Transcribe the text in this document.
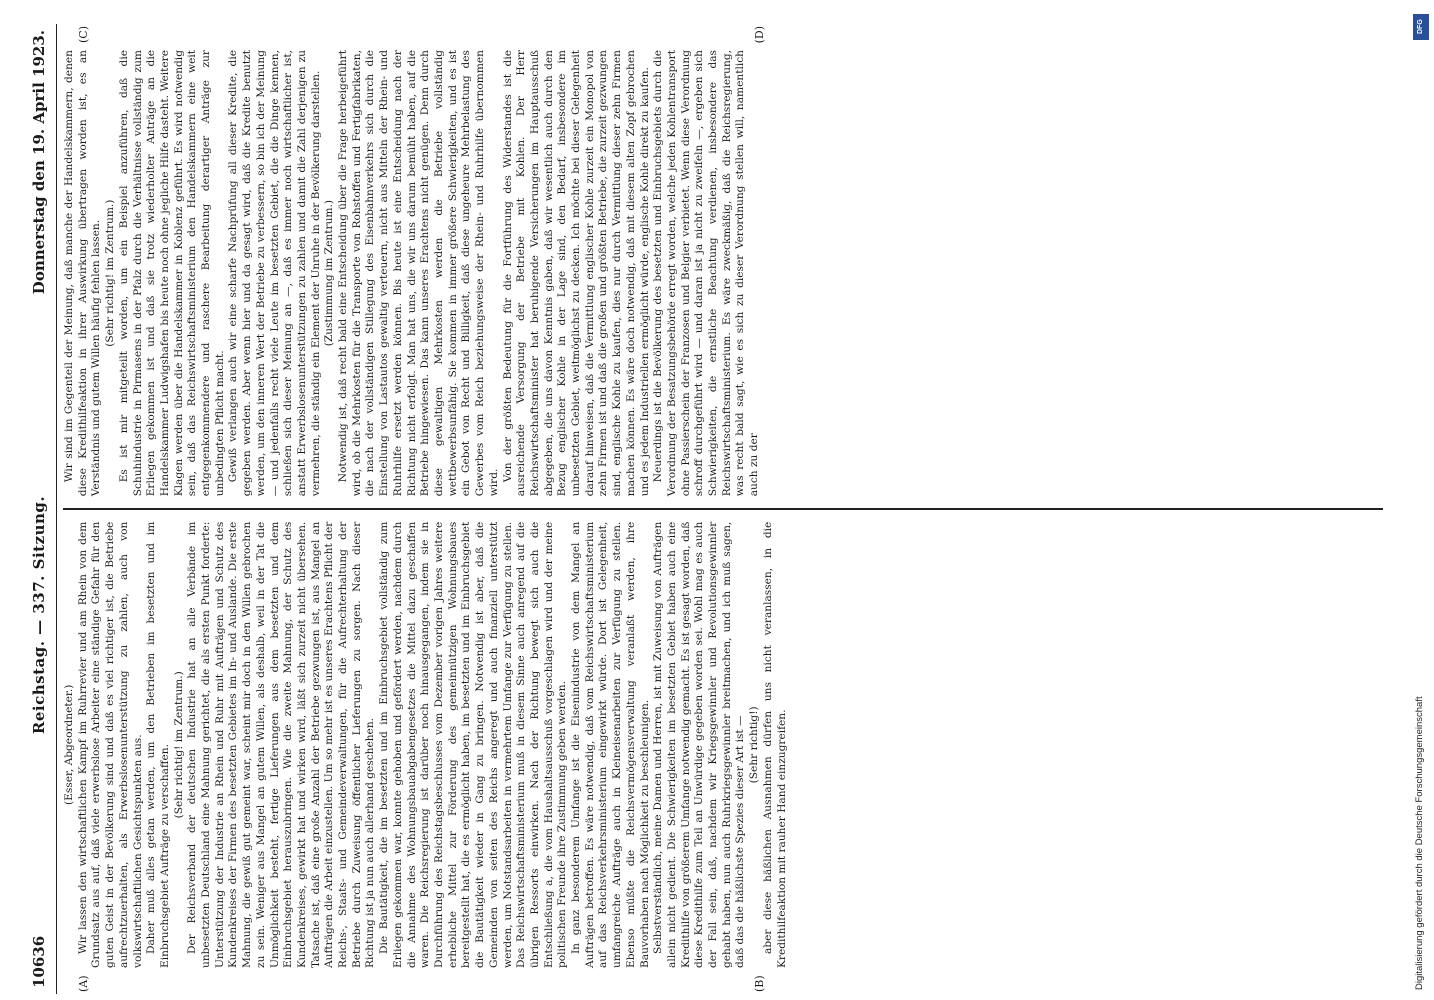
10636
Reichstag. — 337. Sitzung.
Donnerstag den 19. April 1923.
(A)	(B)

(Esser, Abgeordneter.) Wir lassen den wirtschaftlichen Kampf im Ruhrrevier und am Rhein von dem Grundsatz aus auf, daß viele erwerbslose Arbeiter eine ständige Gefahr für den guten Geist in der Bevölkerung sind und daß es viel richtiger ist, die Betriebe aufrechtzuerhalten, als Erwerbslosenunterstützung zu zahlen, auch von volkswirtschaftlichen Gesichtspunkten aus. Daher muß alles getan werden, um den Betrieben im besetzten und im Einbruchsgebiet Aufträge zu verschaffen. (Sehr richtig! im Zentrum.) Der Reichsverband der deutschen Industrie hat an alle Verbände im unbesetzten Deutschland eine Mahnung gerichtet, die als ersten Punkt forderte: Unterstützung der Industrie an Rhein und Ruhr mit Aufträgen und Schutz des Kundenkreises der Firmen des besetzten Gebietes im In- und Auslande. Die erste Mahnung, die gewiß gut gemeint war, scheint mir doch in den Willen gebrochen zu sein. Weniger aus Mangel an gutem Willen, als deshalb, weil in der Tat die Unmöglichkeit besteht, fertige Lieferungen aus dem besetzten und dem Einbruchsgebiet herauszubringen. Wie die zweite Mahnung, der Schutz des Kundenkreises, gewirkt hat und wirken wird, läßt sich zurzeit nicht übersehen. Tatsache ist, daß eine große Anzahl der Betriebe gezwungen ist, aus Mangel an Aufträgen die Arbeit einzustellen. Um so mehr ist es unseres Erachtens Pflicht der Reichs-, Staats- und Gemeindeverwaltungen, für die Aufrechterhaltung der Betriebe durch Zuweisung öffentlicher Lieferungen zu sorgen. Nach dieser Richtung ist ja nun auch allerhand geschehen. Die Bautätigkeit, die im besetzten und im Einbruchsgebiet vollständig zum Erliegen gekommen war, konnte gehoben und gefördert werden, nachdem durch die Annahme des Wohnungsbauabgabengesetzes die Mittel dazu geschaffen waren. Die Reichsregierung ist darüber noch hinausgegangen, indem sie in Durchführung des Reichstagsbeschlusses vom Dezember vorigen Jahres weitere erhebliche Mittel zur Förderung des gemeinnützigen Wohnungsbaues bereitgestellt hat, die es ermöglicht haben, im besetzten und im Einbruchsgebiet die Bautätigkeit wieder in Gang zu bringen. Notwendig ist aber, daß die Gemeinden von seiten des Reichs angeregt und auch finanziell unterstützt werden, um Notstandsarbeiten in vermehrtem Umfange zur Verfügung zu stellen. Das Reichswirtschaftsministerium muß in diesem Sinne auch anregend auf die übrigen Ressorts einwirken. Nach der Richtung bewegt sich auch die Entschließung a, die vom Haushaltsausschuß vorgeschlagen wird und der meine politischen Freunde ihre Zustimmung geben werden. In ganz besonderem Umfange ist die Eisenindustrie von dem Mangel an Aufträgen betroffen. Es wäre notwendig, daß vom Reichswirtschaftsministerium auf das Reichsverkehrsministerium eingewirkt würde. Dort ist Gelegenheit, umfangreiche Aufträge auch in Kleineisenarbeiten zur Verfügung zu stellen. Ebenso müßte die Reichsvermögensverwaltung veranlaßt werden, ihre Bauvorhaben nach Möglichkeit zu beschleunigen. Selbstverständlich, meine Damen und Herren, ist mit Zuweisung von Aufträgen allein nicht gedient. Die Schwierigkeiten im besetzten Gebiet haben auch eine Kredithilfe von größerem Umfange notwendig gemacht. Es ist gesagt worden, daß diese Kredithilfe zum Teil an Unwürdige gegeben worden sei. Wohl mag es auch der Fall sein, daß, nachdem wir Kriegsgewinnler und Revolutionsgewinnler gehabt haben, nun auch Ruhrkriegsgewinnler breitmachen, und ich muß sagen, daß das die häßlichste Spezies dieser Art ist — (Sehr richtig!) aber diese häßlichen Ausnahmen dürfen uns nicht veranlassen, in die Kredithilfeaktion mit rauher Hand einzugreifen.

(C)	(D)

Wir sind im Gegenteil der Meinung, daß manche der Handelskammern, denen diese Kredithilfeaktion in ihrer Auswirkung übertragen worden ist, es an Verständnis und gutem Willen häufig fehlen lassen. (Sehr richtig! im Zentrum.) Es ist mir mitgeteilt worden, um ein Beispiel anzuführen, daß die Schuhindustrie in Pirmasens in der Pfalz durch die Verhältnisse vollständig zum Erliegen gekommen ist und daß sie trotz wiederholter Anträge an die Handelskammer Ludwigshafen bis heute noch ohne jegliche Hilfe dasteht. Weitere Klagen werden über die Handelskammer in Koblenz geführt. Es wird notwendig sein, daß das Reichswirtschaftsministerium den Handelskammern eine weit entgegenkommendere und raschere Bearbeitung derartiger Anträge zur unbedingten Pflicht macht. Gewiß verlangen auch wir eine scharfe Nachprüfung all dieser Kredite, die gegeben werden. Aber wenn hier und da gesagt wird, daß die Kredite benutzt werden, um den inneren Wert der Betriebe zu verbessern, so bin ich der Meinung — und jedenfalls recht viele Leute im besetzten Gebiet, die die Dinge kennen, schließen sich dieser Meinung an —, daß es immer noch wirtschaftlicher ist, anstatt Erwerbslosenunterstützungen zu zahlen und damit die Zahl derjenigen zu vermehren, die ständig ein Element der Unruhe in der Bevölkerung darstellen. (Zustimmung im Zentrum.) Notwendig ist, daß recht bald eine Entscheidung über die Frage herbeigeführt wird, ob die Mehrkosten für die Transporte von Rohstoffen und Fertigfabrikaten, die nach der vollständigen Stillegung des Eisenbahnverkehrs sich durch die Einstellung von Lastautos gewaltig verteuern, nicht aus Mitteln der Rhein- und Ruhrhilfe ersetzt werden können. Bis heute ist eine Entscheidung nach der Richtung nicht erfolgt. Man hat uns, die wir uns darum bemüht haben, auf die Betriebe hingewiesen. Das kann unseres Erachtens nicht genügen. Denn durch diese gewaltigen Mehrkosten werden die Betriebe vollständig wettbewerbsunfähig. Sie kommen in immer größere Schwierigkeiten, und es ist ein Gebot von Recht und Billigkeit, daß diese ungeheure Mehrbelastung des Gewerbes vom Reich beziehungsweise der Rhein- und Ruhrhilfe übernommen wird.

Von der größten Bedeutung für die Fortführung des Widerstandes ist die ausreichende Versorgung der Betriebe mit Kohlen. Der Herr Reichswirtschaftsminister hat beruhigende Versicherungen im Hauptausschuß abgegeben, die uns davon Kenntnis gaben, daß wir wesentlich auch durch den Bezug englischer Kohle in der Lage sind, den Bedarf, insbesondere im unbesetzten Gebiet, weitmöglichst zu decken. Ich möchte bei dieser Gelegenheit darauf hinweisen, daß die Vermittlung englischer Kohle zurzeit ein Monopol von zehn Firmen ist und daß die großen und größten Betriebe, die zurzeit gezwungen sind, englische Kohle zu kaufen, dies nur durch Vermittlung dieser zehn Firmen machen können. Es wäre doch notwendig, daß mit diesem alten Zopf gebrochen und es jedem Industriellen ermöglicht würde, englische Kohle direkt zu kaufen. Neuerdings ist die Bevölkerung des besetzten und Einbruchsgebiets durch die Verordnung der Besatzungsbehörde erregt worden, welche jeden Kohlentransport ohne Passierschein der Franzosen und Belgier verbietet. Wenn diese Verordnung schroff durchgeführt wird — und daran ist ja nicht zu zweifeln —, ergeben sich Schwierigkeiten, die ernstliche Beachtung verdienen, insbesondere das Reichswirtschaftsministerium. Es wäre zweckmäßig, daß die Reichsregierung, was recht bald sagt, wie es sich zu dieser Verordnung stellen will, namentlich auch zu der

Digitalisierung gefördert durch die Deutsche Forschungsgemeinschaft
DFG
